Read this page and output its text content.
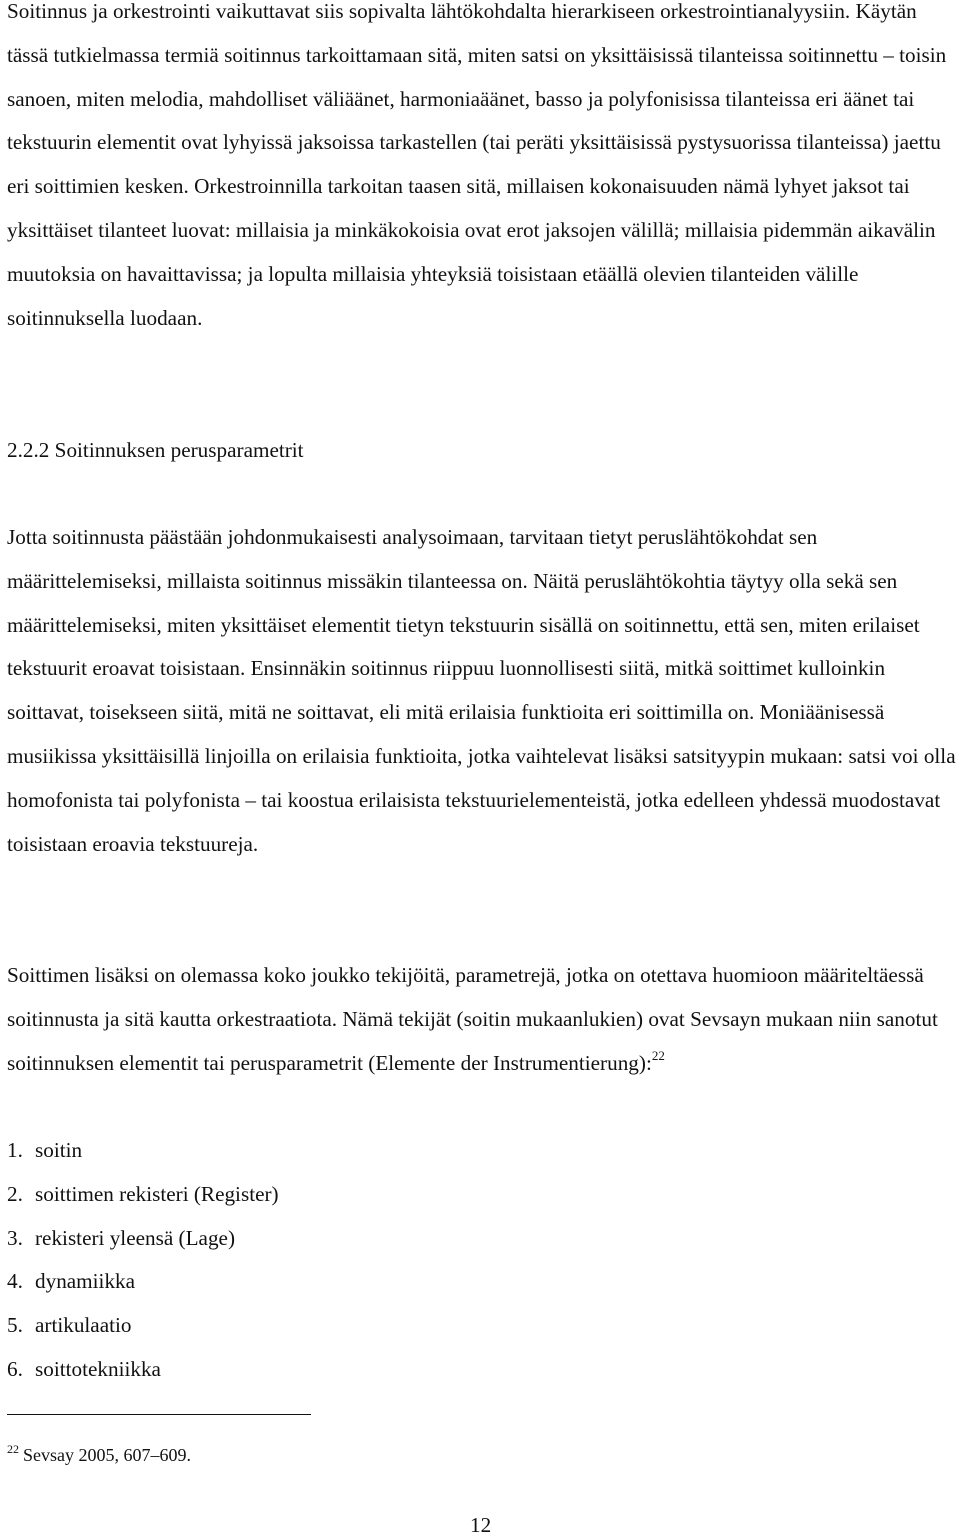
Soitinnus ja orkestrointi vaikuttavat siis sopivalta lähtökohdalta hierarkiseen orkestrointianalyysiin. Käytän tässä tutkielmassa termiä soitinnus tarkoittamaan sitä, miten satsi on yksittäisissä tilanteissa soitinnettu – toisin sanoen, miten melodia, mahdolliset väliäänet, harmoniaäänet, basso ja polyfonisissa tilanteissa eri äänet tai tekstuurin elementit ovat lyhyissä jaksoissa tarkastellen (tai peräti yksittäisissä pystysuorissa tilanteissa) jaettu eri soittimien kesken. Orkestroinnilla tarkoitan taasen sitä, millaisen kokonaisuuden nämä lyhyet jaksot tai yksittäiset tilanteet luovat: millaisia ja minkäkokoisia ovat erot jaksojen välillä; millaisia pidemmän aikavälin muutoksia on havaittavissa; ja lopulta millaisia yhteyksiä toisistaan etäällä olevien tilanteiden välille soitinnuksella luodaan.

2.2.2 Soitinnuksen perusparametrit

Jotta soitinnusta päästään johdonmukaisesti analysoimaan, tarvitaan tietyt peruslähtökohdat sen määrittelemiseksi, millaista soitinnus missäkin tilanteessa on. Näitä peruslähtökohtia täytyy olla sekä sen määrittelemiseksi, miten yksittäiset elementit tietyn tekstuurin sisällä on soitinnettu, että sen, miten erilaiset tekstuurit eroavat toisistaan. Ensinnäkin soitinnus riippuu luonnollisesti siitä, mitkä soittimet kulloinkin soittavat, toisekseen siitä, mitä ne soittavat, eli mitä erilaisia funktioita eri soittimilla on. Moniäänisessä musiikissa yksittäisillä linjoilla on erilaisia funktioita, jotka vaihtelevat lisäksi satsityypin mukaan: satsi voi olla homofonista tai polyfonista – tai koostua erilaisista tekstuurielementeistä, jotka edelleen yhdessä muodostavat toisistaan eroavia tekstuureja.

Soittimen lisäksi on olemassa koko joukko tekijöitä, parametrejä, jotka on otettava huomioon määriteltäessä soitinnusta ja sitä kautta orkestraatiota. Nämä tekijät (soitin mukaanlukien) ovat Sevsayn mukaan niin sanotut soitinnuksen elementit tai perusparametrit (Elemente der Instrumentierung):$^{22}$

1. soitin
2. soittimen rekisteri (Register)
3. rekisteri yleensä (Lage)
4. dynamiikka
5. artikulaatio
6. soittotekniikka

$^{22}$ Sevsay 2005, 607–609.

12
